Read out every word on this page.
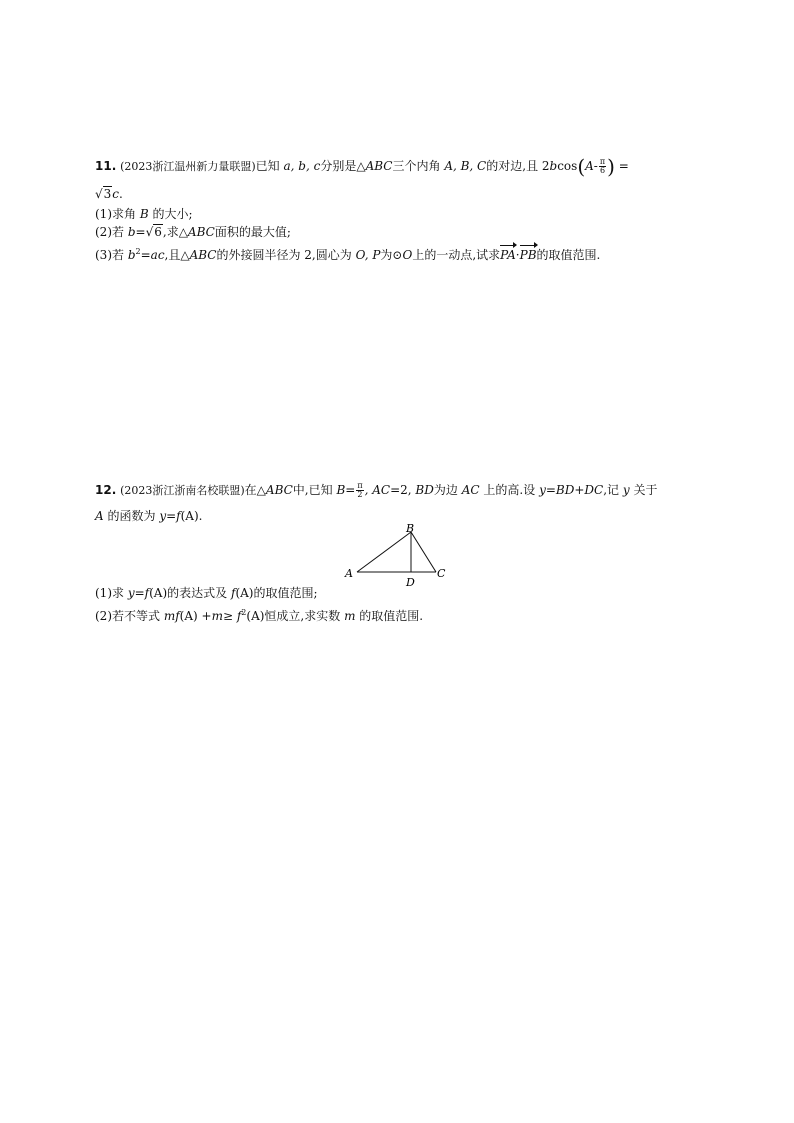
11. (2023浙江温州新力量联盟)已知 a, b, c分别是△ABC三个内角 A, B, C的对边,且 $2bcos(A- \frac{\pi}{6}$ ) =
√3c.
(1)求角 B 的大小;
(2)若 b=√6,求△ABC面积的最大值;
(3)若 $b^2=ac$,且△ABC的外接圆半径为 2,圆心为 O, P为⊙O上的一动点,试求PA·PB的取值范围.
12. (2023浙江浙南名校联盟)在△ABC中,已知 $B= \frac{\pi}{2}$ , AC=2, BD为边 AC 上的高.设 y=BD+DC,记 y 关于
A 的函数为 y=f(A).
B
A	C
D
(1)求 y=f(A)的表达式及 f(A)的取值范围;
(2)若不等式 $mf(A) +m\ge f^2(A)$恒成立,求实数 m 的取值范围.
